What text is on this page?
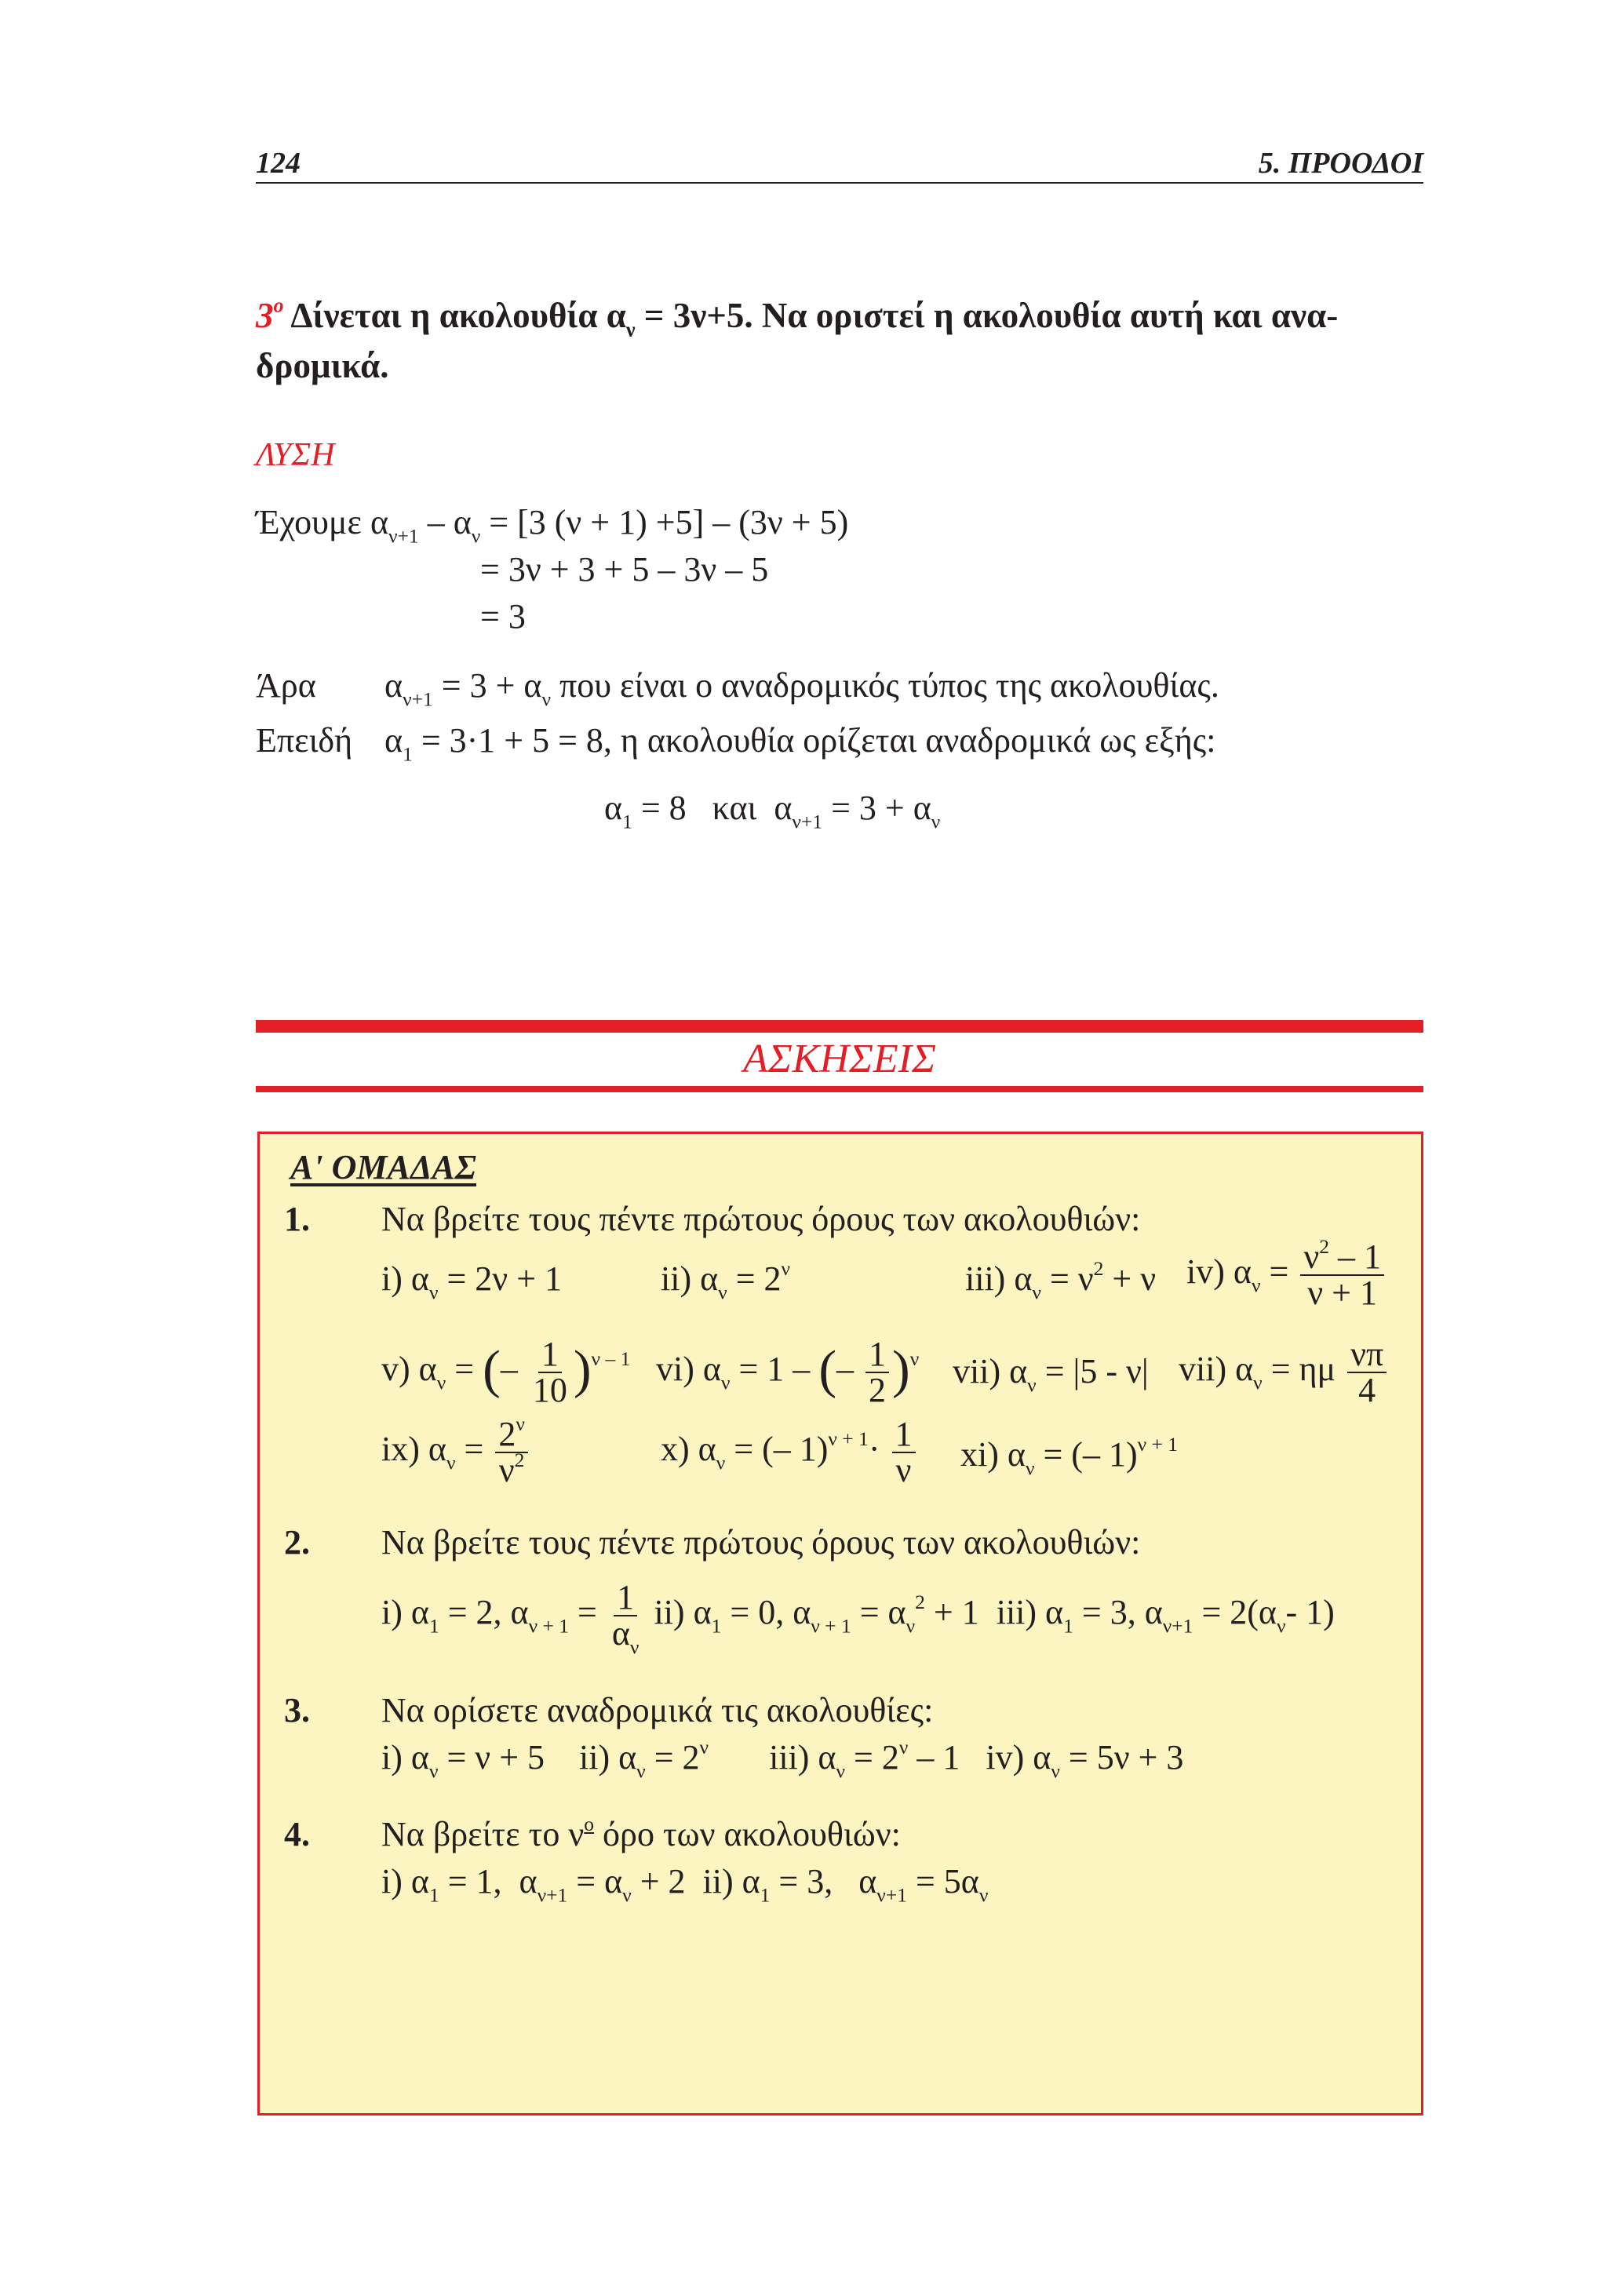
124	5. ΠΡΟΟΔΟΙ
$3^o$ Δίνεται η ακολουθία $\alpha_\nu = 3\nu+5$. Να οριστεί η ακολουθία αυτή και ανα-
δρομικά.
ΛΥΣΗ
Έχουμε $\alpha_{\nu+1} - \alpha_\nu = [3$ (ν + 1) +5] – (3ν + 5)
= 3ν + 3 + 5 – 3ν – 5
= 3
Άρα $\alpha_{\nu+1} = 3 + \alpha_\nu$ που είναι ο αναδρομικός τύπος της ακολουθίας.
Επειδή $\alpha_1 = 3\cdot 1 + 5 = 8$, η ακολουθία ορίζεται αναδρομικά ως εξής:
$\alpha_1 = 8$   και  $\alpha_{\nu+1} = 3 + \alpha_\nu$
ΑΣΚΗΣΕΙΣ
Α' ΟΜΑΔΑΣ
1. Να βρείτε τους πέντε πρώτους όρους των ακολουθιών:
i) $\alpha_\nu = 2\nu + 1$	ii) $\alpha_\nu = 2^\nu$	iii) $\alpha_\nu = \nu^2 + \nu$ iv) $\alpha_\nu = \frac{\nu^2 - 1}{\nu + 1}$
v) $\alpha_\nu$ = (– $\frac{1}{10} )^{\nu - 1}$ vi) $\alpha_\nu = 1$ – (– $\frac{1}{2} )^\nu$ vii) $\alpha_\nu = |5 - \nu|$ vii) $\alpha_\nu = \eta\mu \frac{\nu\pi}{4}$
ix) $\alpha_\nu = \frac{2^\nu}{\nu^2}$	x) $\alpha_\nu$ = (– $1)^{\nu + 1}\cdot \frac{1}{\nu} xi$) $\alpha_\nu$ = (– 1)$^{\nu + 1}$
2. Να βρείτε τους πέντε πρώτους όρους των ακολουθιών:
i) $\alpha_1 = 2$, $\alpha_{\nu + 1} = \frac{1}{\alpha_\nu} ii$) $\alpha_1 = 0$, $\alpha_{\nu + 1} = \alpha_\nu^2 + 1$  iii) $\alpha_1 = 3$, $\alpha_{\nu+1} = 2(\alpha_\nu-$ 1)
3. Να ορίσετε αναδρομικά τις ακολουθίες:
i) $\alpha_\nu = \nu + 5$    ii) $\alpha_\nu = 2^\nu$       iii) $\alpha_\nu = 2^\nu - 1$   iv) $\alpha_\nu = 5\nu + 3$
4. Να βρείτε το $\nu^o$ όρο των ακολουθιών:
i) $\alpha_1 = 1$,  $\alpha_{\nu+1} = \alpha_\nu + 2$  ii) $\alpha_1 = 3$,   $\alpha_{\nu+1} = 5\alpha_\nu$
